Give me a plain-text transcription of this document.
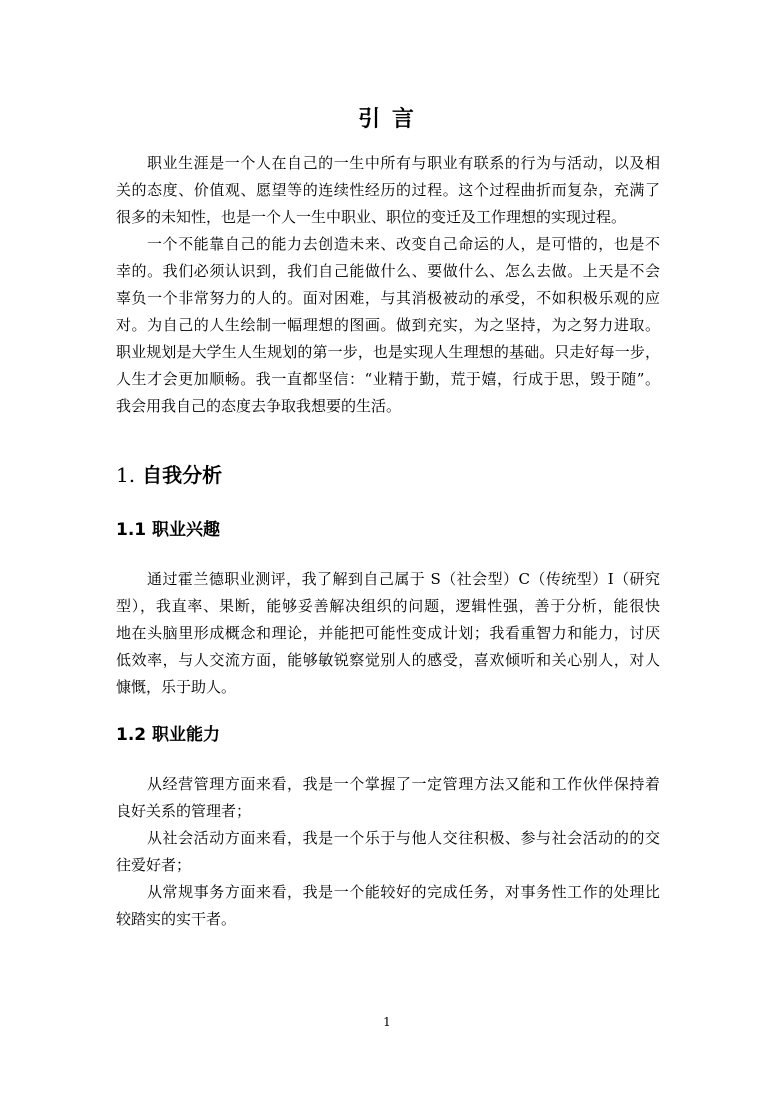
引 言
职业生涯是一个人在自己的一生中所有与职业有联系的行为与活动，以及相
关的态度、价值观、愿望等的连续性经历的过程。这个过程曲折而复杂，充满了
很多的未知性，也是一个人一生中职业、职位的变迁及工作理想的实现过程。
一个不能靠自己的能力去创造未来、改变自己命运的人，是可惜的，也是不
幸的。我们必须认识到，我们自己能做什么、要做什么、怎么去做。上天是不会
辜负一个非常努力的人的。面对困难，与其消极被动的承受，不如积极乐观的应
对。为自己的人生绘制一幅理想的图画。做到充实，为之坚持，为之努力进取。
职业规划是大学生人生规划的第一步，也是实现人生理想的基础。只走好每一步，
人生才会更加顺畅。我一直都坚信：“业精于勤，荒于嬉，行成于思，毁于随”。
我会用我自己的态度去争取我想要的生活。
1. 自我分析
1.1 职业兴趣
通过霍兰德职业测评，我了解到自己属于 S（社会型）C（传统型）I（研究
型），我直率、果断，能够妥善解决组织的问题，逻辑性强，善于分析，能很快
地在头脑里形成概念和理论，并能把可能性变成计划；我看重智力和能力，讨厌
低效率，与人交流方面，能够敏锐察觉别人的感受，喜欢倾听和关心别人，对人
慷慨，乐于助人。
1.2 职业能力
从经营管理方面来看，我是一个掌握了一定管理方法又能和工作伙伴保持着
良好关系的管理者；
从社会活动方面来看，我是一个乐于与他人交往积极、参与社会活动的的交
往爱好者；
从常规事务方面来看，我是一个能较好的完成任务，对事务性工作的处理比
较踏实的实干者。
1
